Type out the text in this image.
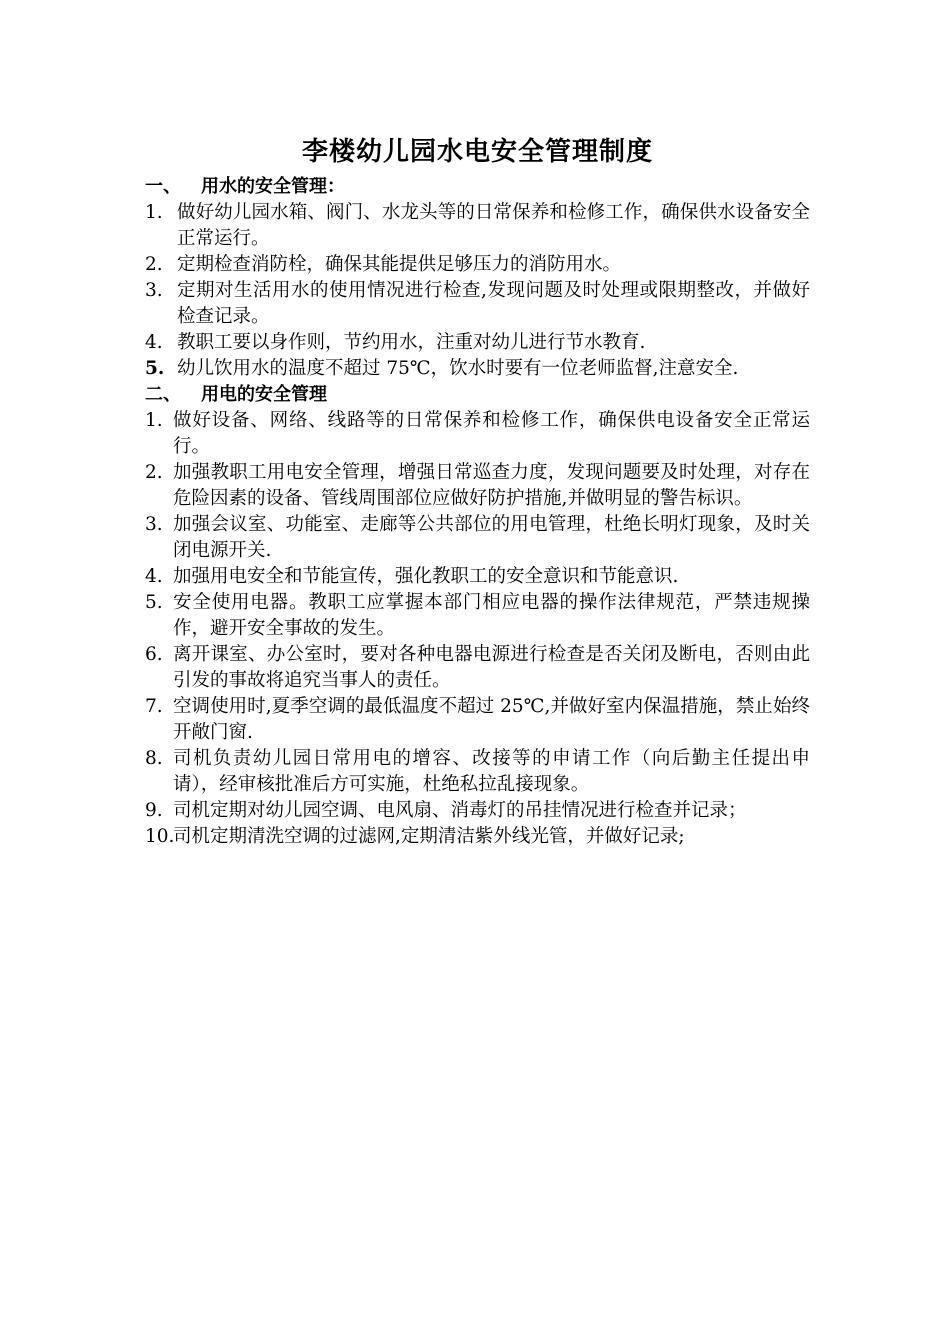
李楼幼儿园水电安全管理制度
一、	用水的安全管理：
1. 做好幼儿园水箱、阀门、水龙头等的日常保养和检修工作，确保供水设备安全正常运行。
2. 定期检查消防栓，确保其能提供足够压力的消防用水。
3. 定期对生活用水的使用情况进行检查,发现问题及时处理或限期整改，并做好检查记录。
4. 教职工要以身作则，节约用水，注重对幼儿进行节水教育.
5. 幼儿饮用水的温度不超过 75℃，饮水时要有一位老师监督,注意安全.
二、	用电的安全管理
1. 做好设备、网络、线路等的日常保养和检修工作，确保供电设备安全正常运行。
2. 加强教职工用电安全管理，增强日常巡查力度，发现问题要及时处理，对存在危险因素的设备、管线周围部位应做好防护措施,并做明显的警告标识。
3. 加强会议室、功能室、走廊等公共部位的用电管理，杜绝长明灯现象，及时关闭电源开关.
4. 加强用电安全和节能宣传，强化教职工的安全意识和节能意识.
5. 安全使用电器。教职工应掌握本部门相应电器的操作法律规范，严禁违规操作，避开安全事故的发生。
6. 离开课室、办公室时，要对各种电器电源进行检查是否关闭及断电，否则由此引发的事故将追究当事人的责任。
7. 空调使用时,夏季空调的最低温度不超过 25℃,并做好室内保温措施，禁止始终开敞门窗.
8. 司机负责幼儿园日常用电的增容、改接等的申请工作（向后勤主任提出申请），经审核批准后方可实施，杜绝私拉乱接现象。
9. 司机定期对幼儿园空调、电风扇、消毒灯的吊挂情况进行检查并记录；
10.
司机定期清洗空调的过滤网,定期清洁紫外线光管，并做好记录;
